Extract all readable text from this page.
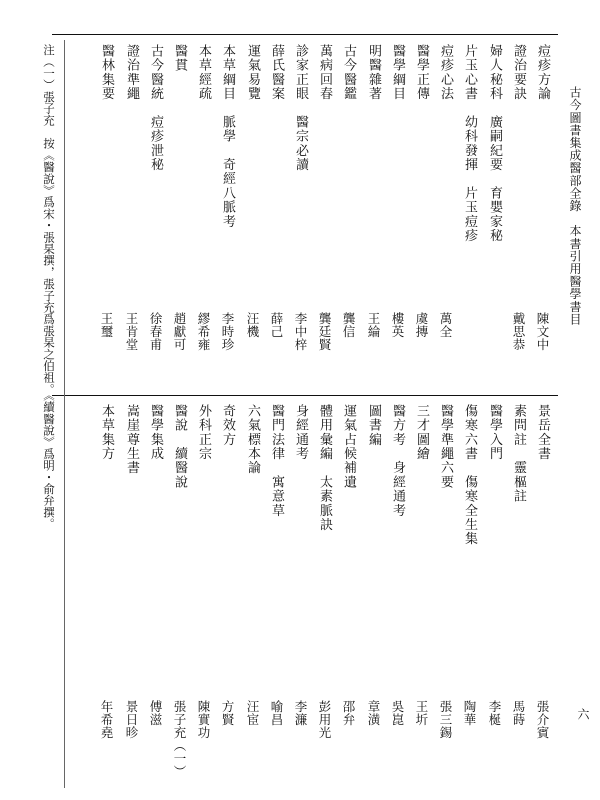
古今圖書集成醫部全錄　本書引用醫學書目
六
痘疹方論
陳文中
證治要訣
戴思恭
婦人秘科　廣嗣紀要　育嬰家秘
片玉心書　幼科發揮　片玉痘疹
痘疹心法
萬全
醫學正傳
虞摶
醫學綱目
樓英
明醫雜著
王綸
古今醫鑑
龔信
萬病回春
龔廷賢
診家正眼　醫宗必讀
李中梓
薛氏醫案
薛己
運氣易覽
汪機
本草綱目　脈學　奇經八脈考
李時珍
本草經疏
繆希雍
醫貫
趙獻可
古今醫統　痘疹泄秘
徐春甫
證治準繩
王肯堂
醫林集要
王璽
景岳全書
張介賓
素問註　靈樞註
馬蒔
醫學入門
李梴
傷寒六書　傷寒全生集
陶華
醫學準繩六要
張三錫
三才圖繪
王圻
醫方考　身經通考
吳崑
圖書編
章潢
運氣占候補遺
邵弁
體用彙編　太素脈訣
彭用光
身經通考
李濂
醫門法律　寓意草
喻昌
六氣標本論
汪宦
奇效方
方賢
外科正宗
陳實功
醫說　續醫說
張子充（一）
醫學集成
傅滋
嵩崖尊生書
景日昣
本草集方
年希堯
注（一）張子充　按《醫說》爲宋・張杲撰，張子充爲張杲之伯祖。《續醫說》爲明・俞弁撰。
